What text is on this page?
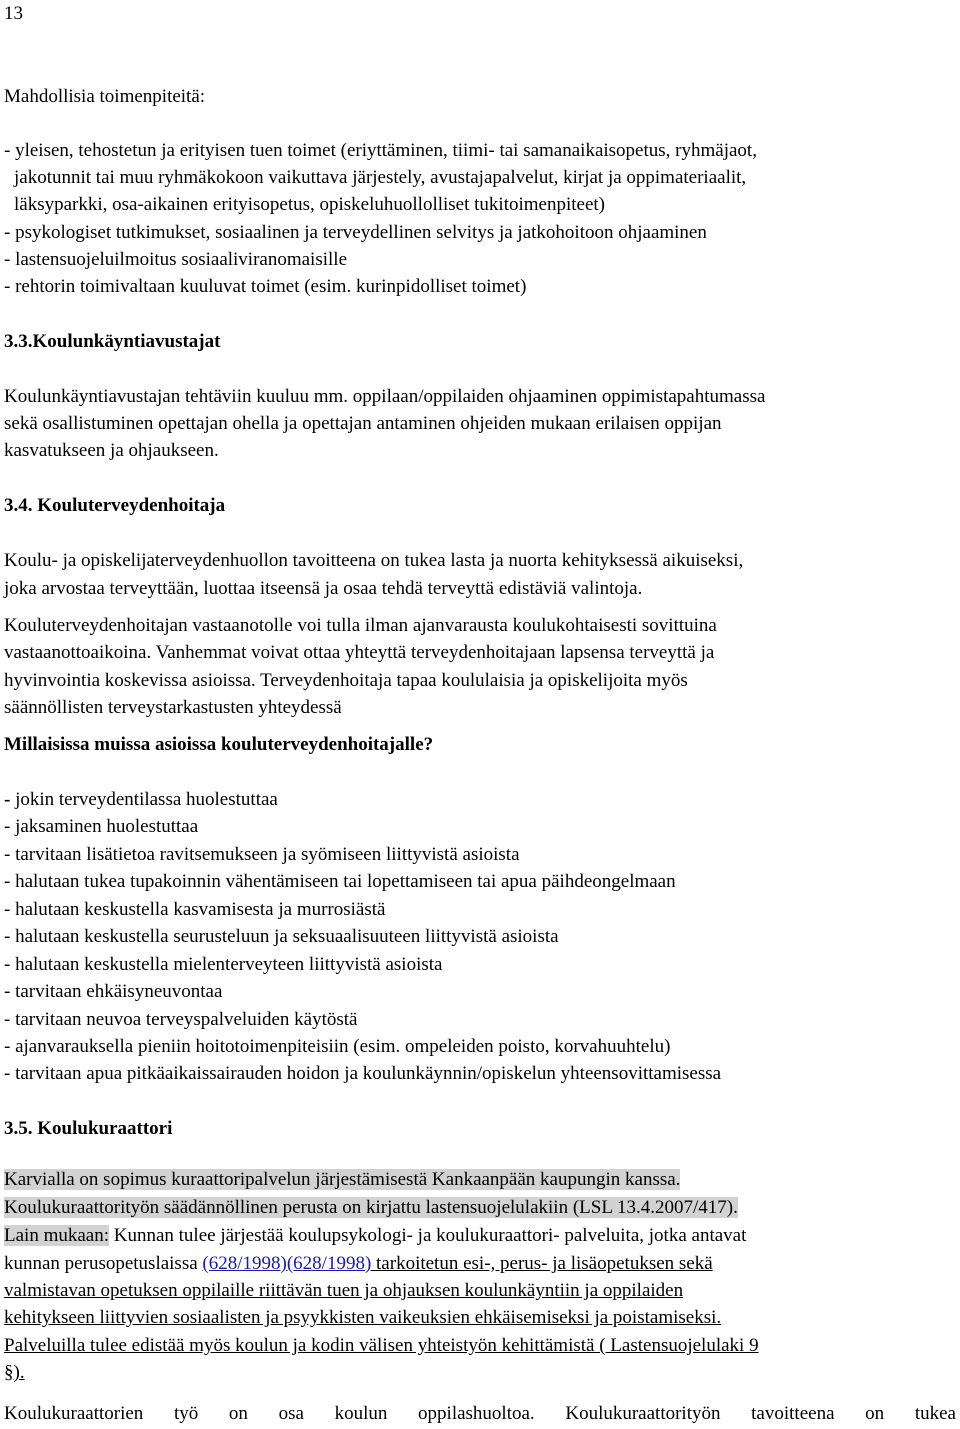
13
Mahdollisia toimenpiteitä:
- yleisen, tehostetun ja erityisen tuen toimet (eriyttäminen, tiimi- tai samanaikaisopetus, ryhmäjaot,
jakotunnit tai muu ryhmäkokoon vaikuttava järjestely, avustajapalvelut, kirjat ja oppimateriaalit,
läksyparkki, osa-aikainen erityisopetus, opiskeluhuollolliset tukitoimenpiteet)
- psykologiset tutkimukset, sosiaalinen ja terveydellinen selvitys ja jatkohoitoon ohjaaminen
- lastensuojeluilmoitus sosiaaliviranomaisille
- rehtorin toimivaltaan kuuluvat toimet (esim. kurinpidolliset toimet)
3.3.Koulunkäyntiavustajat
Koulunkäyntiavustajan tehtäviin kuuluu mm. oppilaan/oppilaiden ohjaaminen oppimistapahtumassa
sekä osallistuminen opettajan ohella ja opettajan antaminen ohjeiden mukaan erilaisen oppijan
kasvatukseen ja ohjaukseen.
3.4. Kouluterveydenhoitaja
Koulu- ja opiskelijaterveydenhuollon tavoitteena on tukea lasta ja nuorta kehityksessä aikuiseksi,
joka arvostaa terveyttään, luottaa itseensä ja osaa tehdä terveyttä edistäviä valintoja.
Kouluterveydenhoitajan vastaanotolle voi tulla ilman ajanvarausta koulukohtaisesti sovittuina
vastaanottoaikoina. Vanhemmat voivat ottaa yhteyttä terveydenhoitajaan lapsensa terveyttä ja
hyvinvointia koskevissa asioissa. Terveydenhoitaja tapaa koululaisia ja opiskelijoita myös
säännöllisten terveystarkastusten yhteydessä
Millaisissa muissa asioissa kouluterveydenhoitajalle?
- jokin terveydentilassa huolestuttaa
- jaksaminen huolestuttaa
- tarvitaan lisätietoa ravitsemukseen ja syömiseen liittyvistä asioista
- halutaan tukea tupakoinnin vähentämiseen tai lopettamiseen tai apua päihdeongelmaan
- halutaan keskustella kasvamisesta ja murrosiästä
- halutaan keskustella seurusteluun ja seksuaalisuuteen liittyvistä asioista
- halutaan keskustella mielenterveyteen liittyvistä asioista
- tarvitaan ehkäisyneuvontaa
- tarvitaan neuvoa terveyspalveluiden käytöstä
- ajanvarauksella pieniin hoitotoimenpiteisiin (esim. ompeleiden poisto, korvahuuhtelu)
- tarvitaan apua pitkäaikaissairauden hoidon ja koulunkäynnin/opiskelun yhteensovittamisessa
3.5. Koulukuraattori
Karvialla on sopimus kuraattoripalvelun järjestämisestä Kankaanpään kaupungin kanssa.
Koulukuraattorityön säädännöllinen perusta on kirjattu lastensuojelulakiin (LSL 13.4.2007/417).
Lain mukaan: Kunnan tulee järjestää koulupsykologi- ja koulukuraattori- palveluita, jotka antavat
kunnan perusopetuslaissa (628/1998)(628/1998) tarkoitetun esi-, perus- ja lisäopetuksen sekä
valmistavan opetuksen oppilaille riittävän tuen ja ohjauksen koulunkäyntiin ja oppilaiden
kehitykseen liittyvien sosiaalisten ja psyykkisten vaikeuksien ehkäisemiseksi ja poistamiseksi.
Palveluilla tulee edistää myös koulun ja kodin välisen yhteistyön kehittämistä ( Lastensuojelulaki 9
§).
Koulukuraattorien työ on osa koulun oppilashuoltoa. Koulukuraattorityön tavoitteena on tukea
